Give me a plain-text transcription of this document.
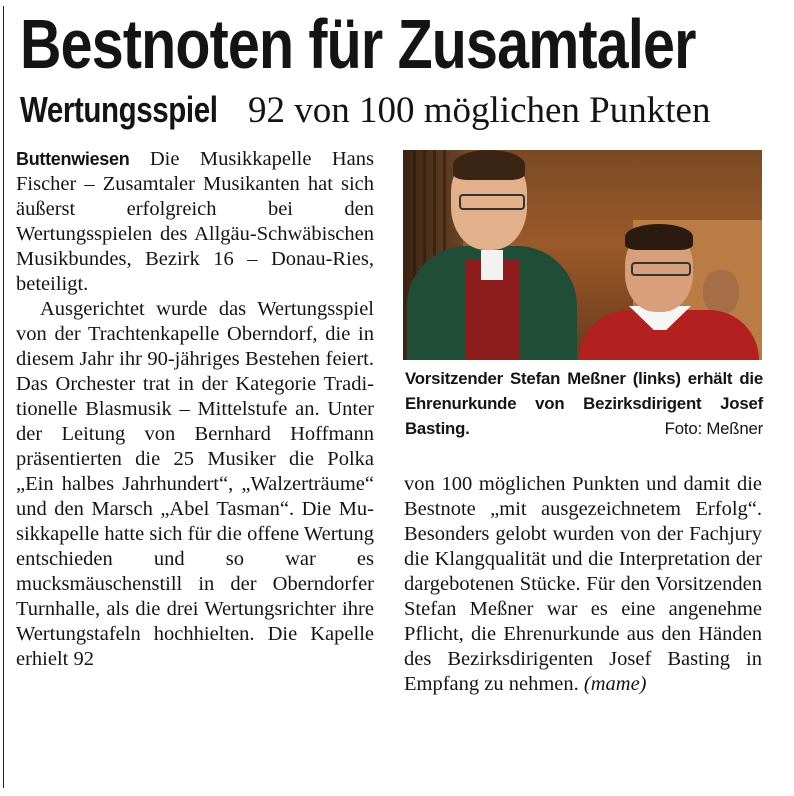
Bestnoten für Zusamtaler
Wertungsspiel 92 von 100 möglichen Punkten

Buttenwiesen Die Musikkapelle Hans Fischer – Zusamtaler Musikanten hat sich äußerst erfolgreich bei den Wertungsspielen des Allgäu-Schwäbischen Musikbundes, Bezirk 16 – Donau-Ries, beteiligt.

Ausgerichtet wurde das Wertungsspiel von der Trachtenkapelle Oberndorf, die in diesem Jahr ihr 90-jähriges Bestehen feiert. Das Orchester trat in der Kategorie Traditionelle Blasmusik – Mittelstufe an. Unter der Leitung von Bernhard Hoffmann präsentierten die 25 Musiker die Polka „Ein halbes Jahrhundert“, „Walzerträume“ und den Marsch „Abel Tasman“. Die Musikkapelle hatte sich für die offene Wertung entschieden und so war es mucksmäuschenstill in der Oberndorfer Turnhalle, als die drei Wertungsrichter ihre Wertungstafeln hochhielten. Die Kapelle erhielt 92

Vorsitzender Stefan Meßner (links) erhält die Ehrenurkunde von Bezirksdirigent Josef Basting.	Foto: Meßner

von 100 möglichen Punkten und damit die Bestnote „mit ausgezeichnetem Erfolg“. Besonders gelobt wurden von der Fachjury die Klangqualität und die Interpretation der dargebotenen Stücke. Für den Vorsitzenden Stefan Meßner war es eine angenehme Pflicht, die Ehrenurkunde aus den Händen des Bezirksdirigenten Josef Basting in Empfang zu nehmen. (mame)
